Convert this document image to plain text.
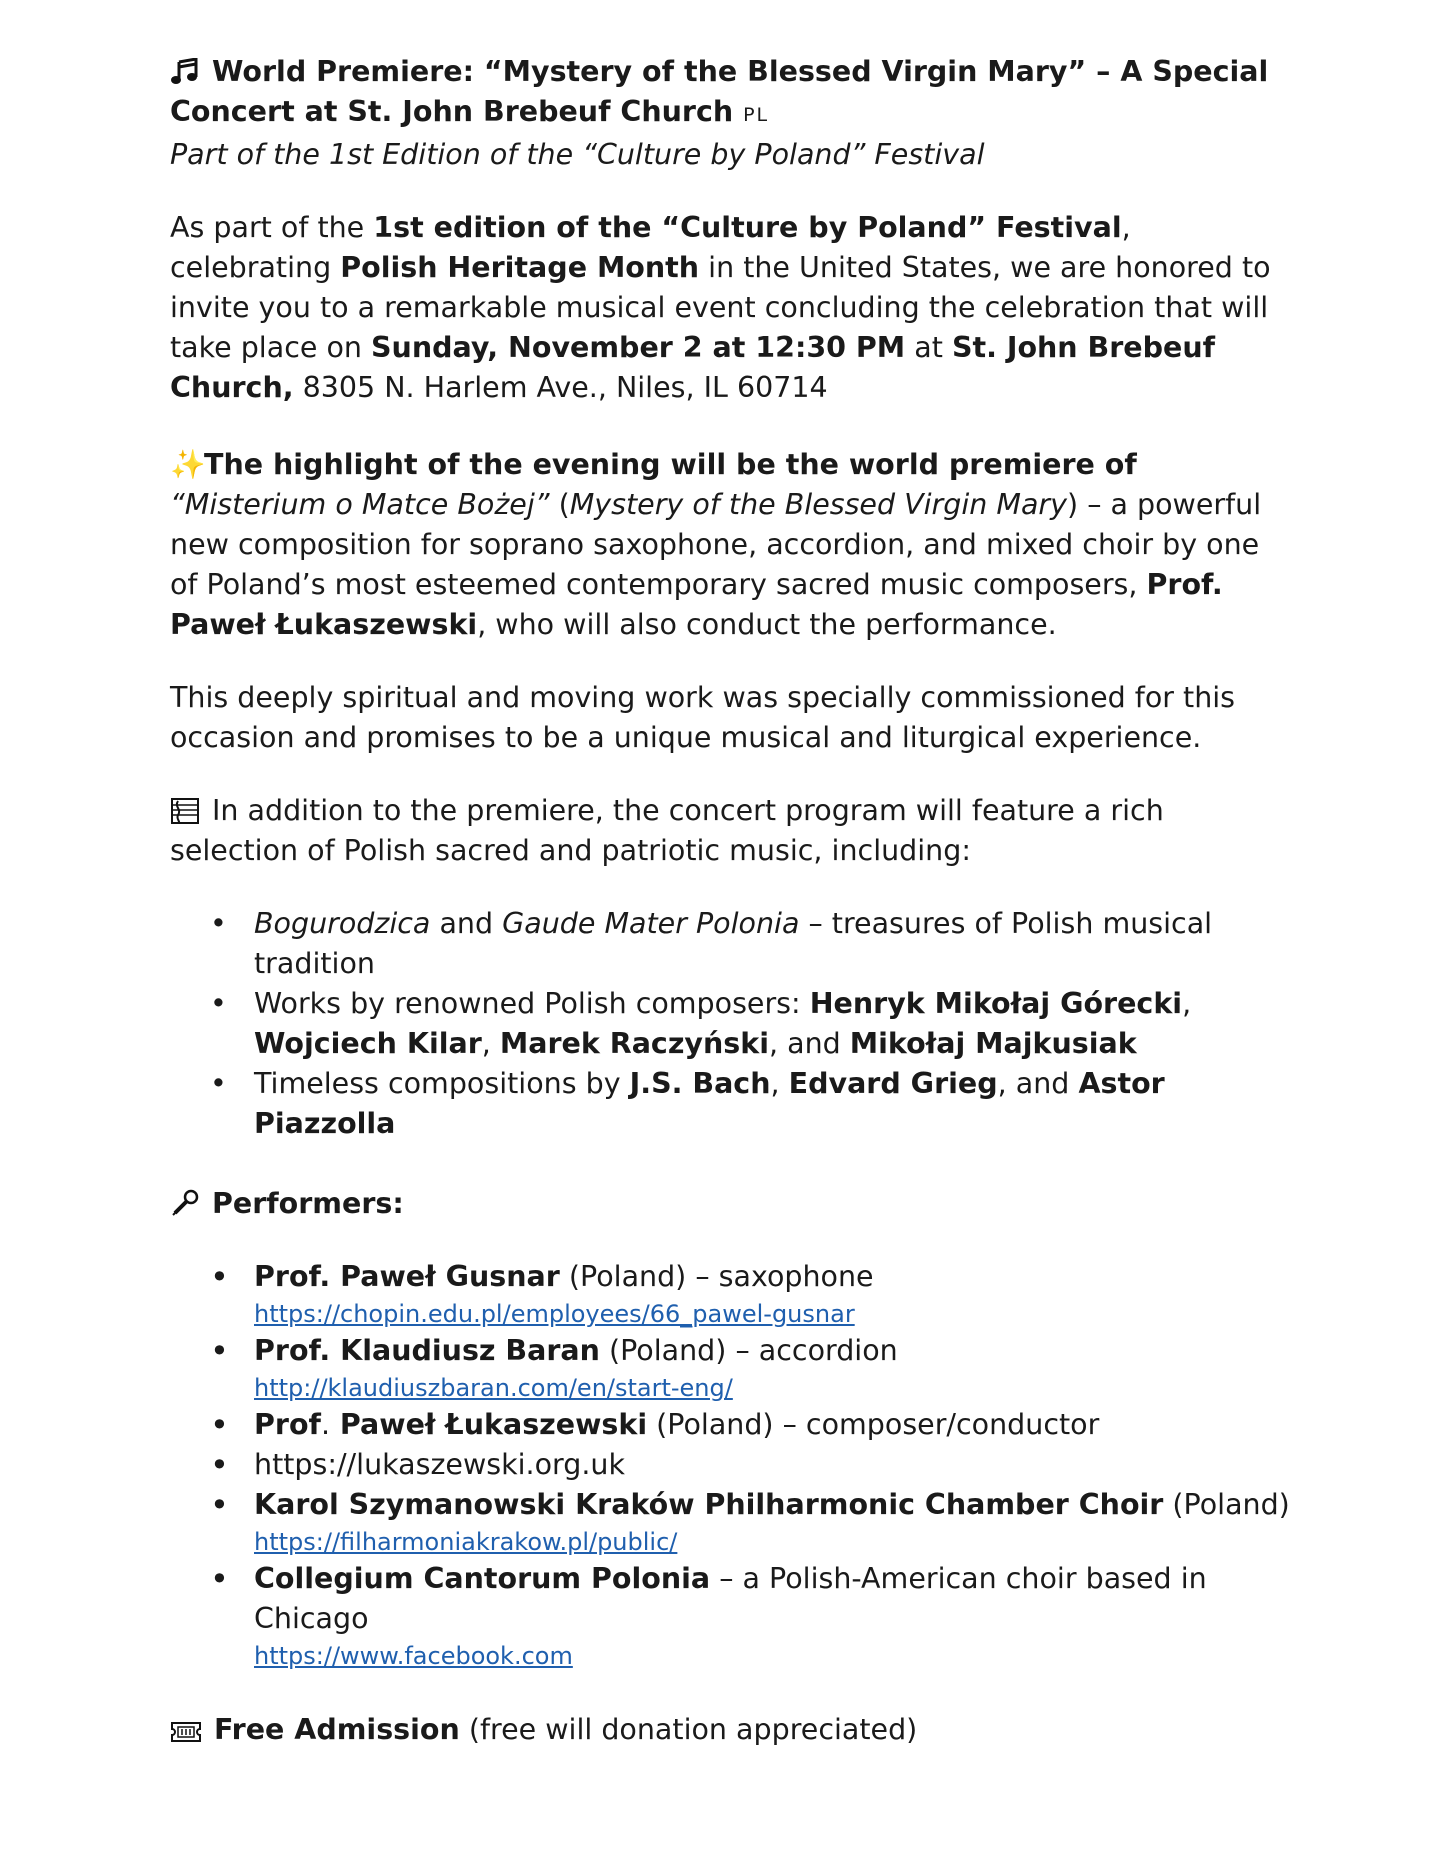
World Premiere: “Mystery of the Blessed Virgin Mary” – A Special Concert at St. John Brebeuf Church PL

Part of the 1st Edition of the “Culture by Poland” Festival

As part of the 1st edition of the “Culture by Poland” Festival, celebrating Polish Heritage Month in the United States, we are honored to invite you to a remarkable musical event concluding the celebration that will take place on Sunday, November 2 at 12:30 PM at St. John Brebeuf Church, 8305 N. Harlem Ave., Niles, IL 60714

✨The highlight of the evening will be the world premiere of “Misterium o Matce Bożej” (Mystery of the Blessed Virgin Mary) – a powerful new composition for soprano saxophone, accordion, and mixed choir by one of Poland’s most esteemed contemporary sacred music composers, Prof. Paweł Łukaszewski, who will also conduct the performance.

This deeply spiritual and moving work was specially commissioned for this occasion and promises to be a unique musical and liturgical experience.

In addition to the premiere, the concert program will feature a rich selection of Polish sacred and patriotic music, including:

• Bogurodzica and Gaude Mater Polonia – treasures of Polish musical tradition
• Works by renowned Polish composers: Henryk Mikołaj Górecki, Wojciech Kilar, Marek Raczyński, and Mikołaj Majkusiak
• Timeless compositions by J.S. Bach, Edvard Grieg, and Astor Piazzolla

Performers:

• Prof. Paweł Gusnar (Poland) – saxophone
https://chopin.edu.pl/employees/66_pawel-gusnar
• Prof. Klaudiusz Baran (Poland) – accordion
http://klaudiuszbaran.com/en/start-eng/
• Prof. Paweł Łukaszewski (Poland) – composer/conductor
• https://lukaszewski.org.uk
• Karol Szymanowski Kraków Philharmonic Chamber Choir (Poland)
https://filharmoniakrakow.pl/public/
• Collegium Cantorum Polonia – a Polish-American choir based in Chicago
https://www.facebook.com

Free Admission (free will donation appreciated)
